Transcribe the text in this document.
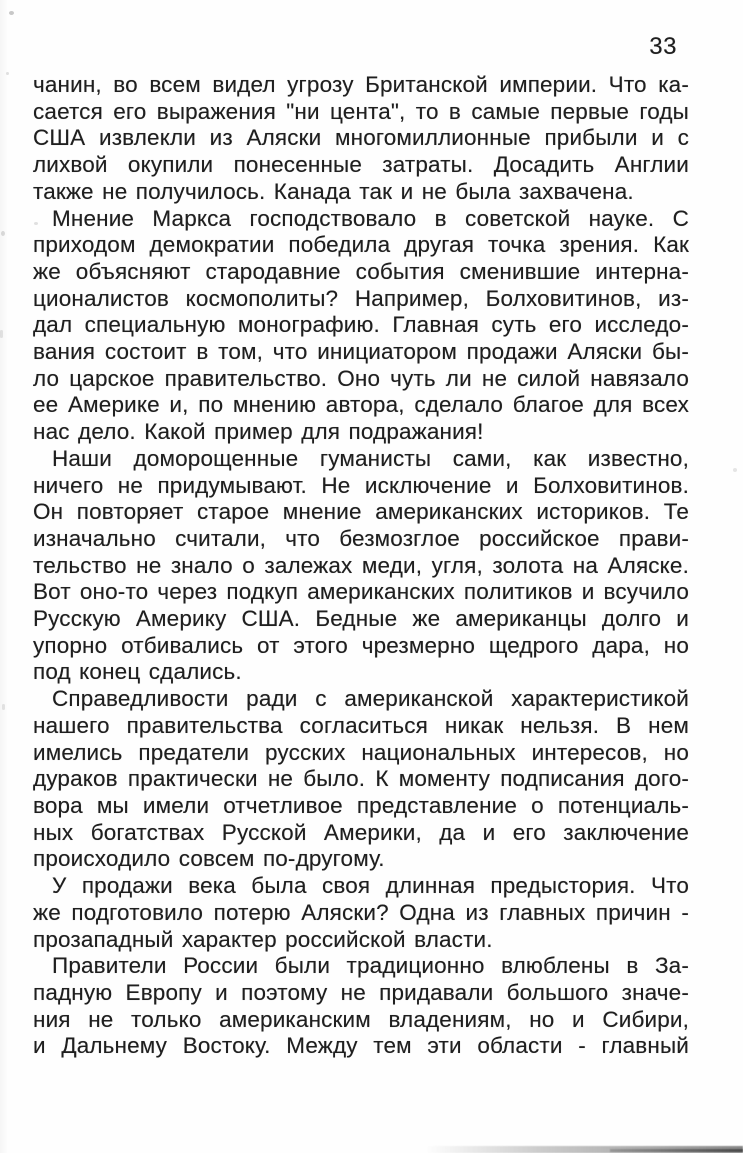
33
чанин, во всем видел угрозу Британской империи. Что ка-
сается его выражения "ни цента", то в самые первые годы
США извлекли из Аляски многомиллионные прибыли и с
лихвой окупили понесенные затраты. Досадить Англии
также не получилось. Канада так и не была захвачена.
Мнение Маркса господствовало в советской науке. С
приходом демократии победила другая точка зрения. Как
же объясняют стародавние события сменившие интерна-
ционалистов космополиты? Например, Болховитинов, из-
дал специальную монографию. Главная суть его исследо-
вания состоит в том, что инициатором продажи Аляски бы-
ло царское правительство. Оно чуть ли не силой навязало
ее Америке и, по мнению автора, сделало благое для всех
нас дело. Какой пример для подражания!
Наши доморощенные гуманисты сами, как известно,
ничего не придумывают. Не исключение и Болховитинов.
Он повторяет старое мнение американских историков. Те
изначально считали, что безмозглое российское прави-
тельство не знало о залежах меди, угля, золота на Аляске.
Вот оно-то через подкуп американских политиков и всучило
Русскую Америку США. Бедные же американцы долго и
упорно отбивались от этого чрезмерно щедрого дара, но
под конец сдались.
Справедливости ради с американской характеристикой
нашего правительства согласиться никак нельзя. В нем
имелись предатели русских национальных интересов, но
дураков практически не было. К моменту подписания дого-
вора мы имели отчетливое представление о потенциаль-
ных богатствах Русской Америки, да и его заключение
происходило совсем по-другому.
У продажи века была своя длинная предыстория. Что
же подготовило потерю Аляски? Одна из главных причин -
прозападный характер российской власти.
Правители России были традиционно влюблены в За-
падную Европу и поэтому не придавали большого значе-
ния не только американским владениям, но и Сибири,
и Дальнему Востоку. Между тем эти области - главный
